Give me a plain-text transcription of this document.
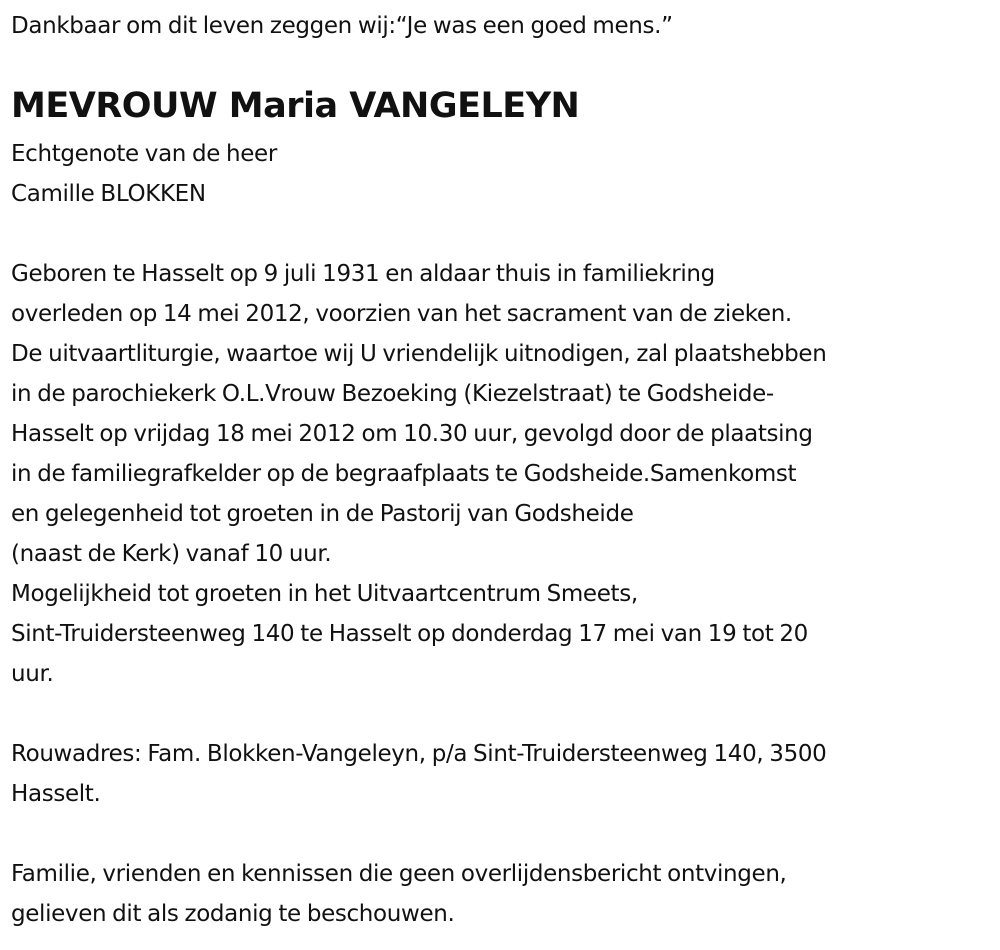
Dankbaar om dit leven zeggen wij:“Je was een goed mens.”
MEVROUW Maria VANGELEYN
Echtgenote van de heer
Camille BLOKKEN
Geboren te Hasselt op 9 juli 1931 en aldaar thuis in familiekring
overleden op 14 mei 2012, voorzien van het sacrament van de zieken.
De uitvaartliturgie, waartoe wij U vriendelijk uitnodigen, zal plaatshebben
in de parochiekerk O.L.Vrouw Bezoeking (Kiezelstraat) te Godsheide-
Hasselt op vrijdag 18 mei 2012 om 10.30 uur, gevolgd door de plaatsing
in de familiegrafkelder op de begraafplaats te Godsheide.Samenkomst
en gelegenheid tot groeten in de Pastorij van Godsheide
(naast de Kerk) vanaf 10 uur.
Mogelijkheid tot groeten in het Uitvaartcentrum Smeets,
Sint-Truidersteenweg 140 te Hasselt op donderdag 17 mei van 19 tot 20
uur.
Rouwadres: Fam. Blokken-Vangeleyn, p/a Sint-Truidersteenweg 140, 3500
Hasselt.
Familie, vrienden en kennissen die geen overlijdensbericht ontvingen,
gelieven dit als zodanig te beschouwen.
